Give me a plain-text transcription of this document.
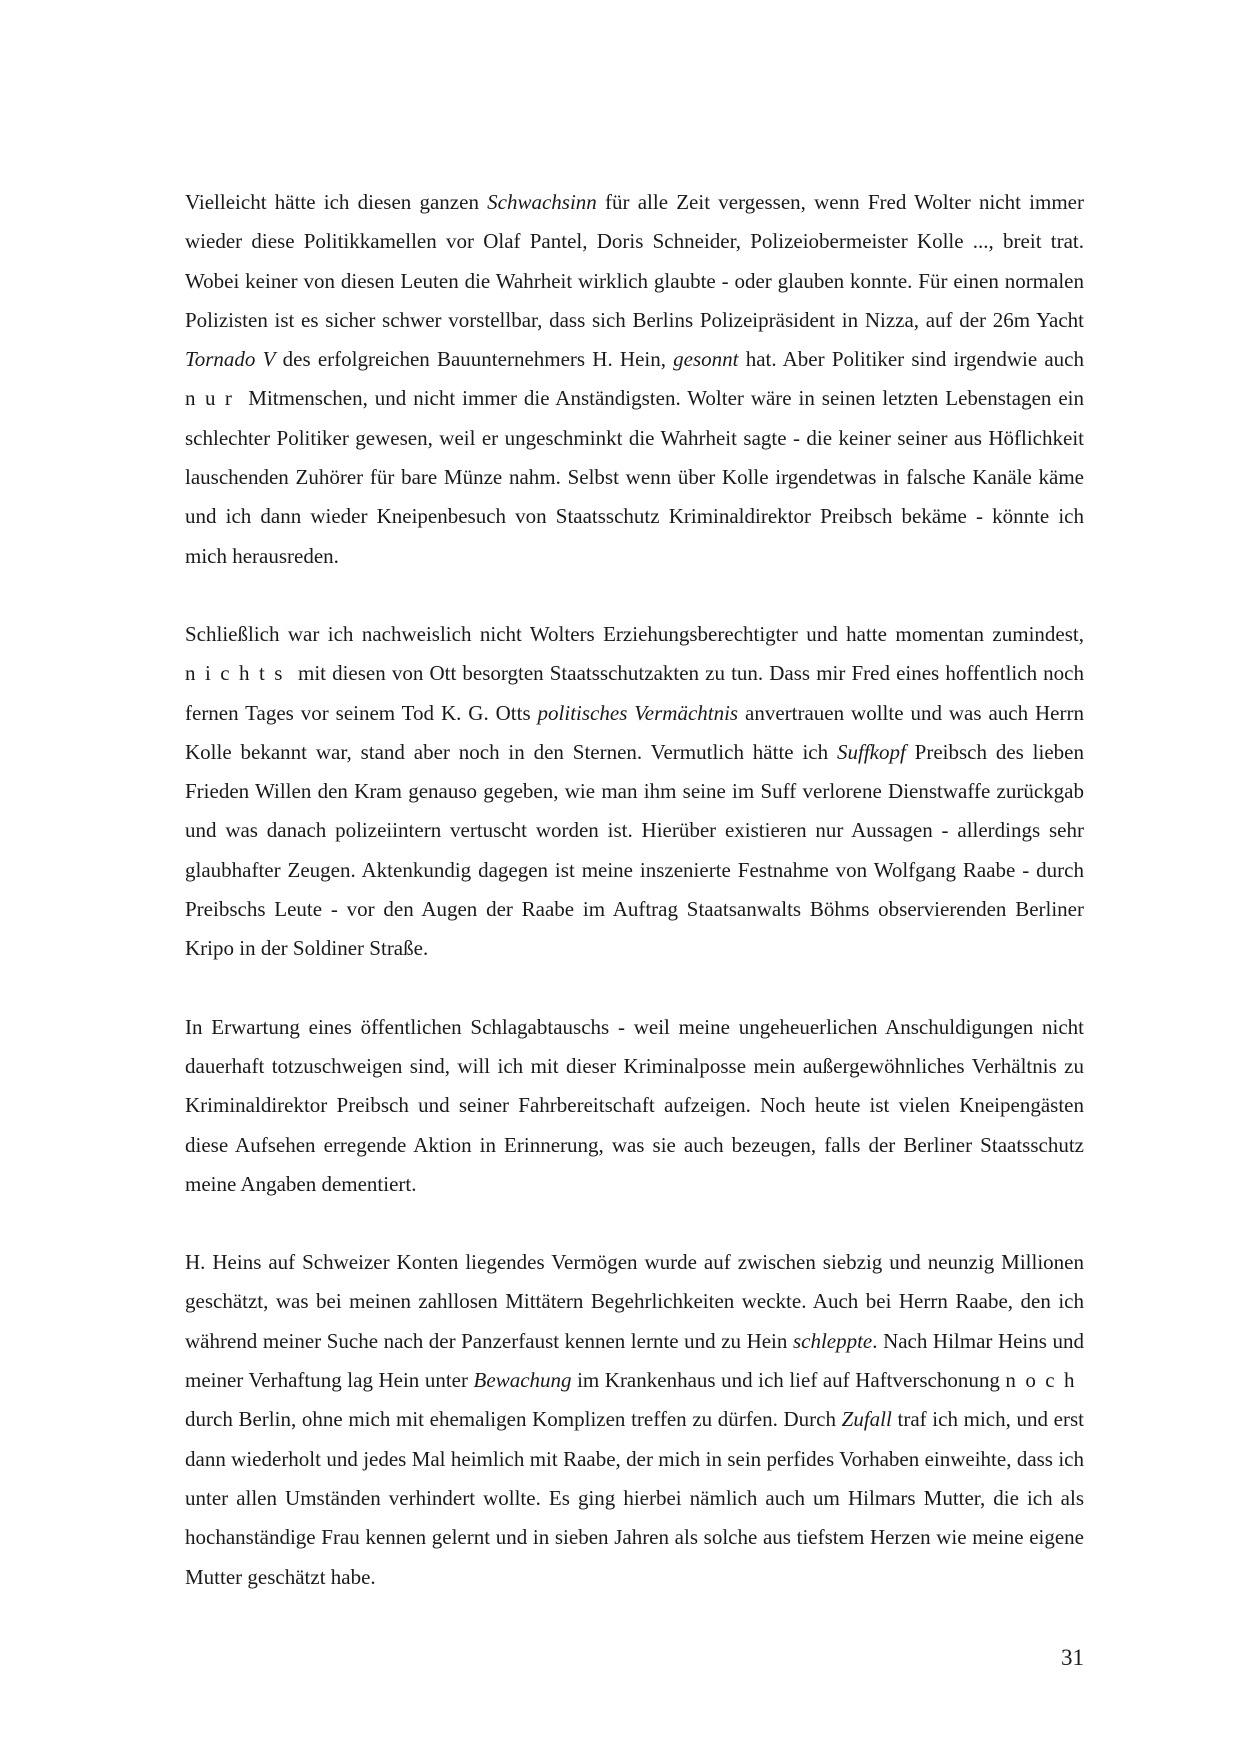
Vielleicht hätte ich diesen ganzen Schwachsinn für alle Zeit vergessen, wenn Fred Wolter nicht immer wieder diese Politikkamellen vor Olaf Pantel, Doris Schneider, Polizeiobermeister Kolle ..., breit trat. Wobei keiner von diesen Leuten die Wahrheit wirklich glaubte - oder glauben konnte. Für einen normalen Polizisten ist es sicher schwer vorstellbar, dass sich Berlins Polizeipräsident in Nizza, auf der 26m Yacht Tornado V des erfolgreichen Bauunternehmers H. Hein, gesonnt hat. Aber Politiker sind irgendwie auch nur Mitmenschen, und nicht immer die Anständigsten. Wolter wäre in seinen letzten Lebenstagen ein schlechter Politiker gewesen, weil er ungeschminkt die Wahrheit sagte - die keiner seiner aus Höflichkeit lauschenden Zuhörer für bare Münze nahm. Selbst wenn über Kolle irgendetwas in falsche Kanäle käme und ich dann wieder Kneipenbesuch von Staatsschutz Kriminaldirektor Preibsch bekäme - könnte ich mich herausreden.

Schließlich war ich nachweislich nicht Wolters Erziehungsberechtigter und hatte momentan zumindest, nichts mit diesen von Ott besorgten Staatsschutzakten zu tun. Dass mir Fred eines hoffentlich noch fernen Tages vor seinem Tod K. G. Otts politisches Vermächtnis anvertrauen wollte und was auch Herrn Kolle bekannt war, stand aber noch in den Sternen. Vermutlich hätte ich Suffkopf Preibsch des lieben Frieden Willen den Kram genauso gegeben, wie man ihm seine im Suff verlorene Dienstwaffe zurückgab und was danach polizeiintern vertuscht worden ist. Hierüber existieren nur Aussagen - allerdings sehr glaubhafter Zeugen. Aktenkundig dagegen ist meine inszenierte Festnahme von Wolfgang Raabe - durch Preibschs Leute - vor den Augen der Raabe im Auftrag Staatsanwalts Böhms observierenden Berliner Kripo in der Soldiner Straße.

In Erwartung eines öffentlichen Schlagabtauschs - weil meine ungeheuerlichen Anschuldigungen nicht dauerhaft totzuschweigen sind, will ich mit dieser Kriminalposse mein außergewöhnliches Verhältnis zu Kriminaldirektor Preibsch und seiner Fahrbereitschaft aufzeigen. Noch heute ist vielen Kneipengästen diese Aufsehen erregende Aktion in Erinnerung, was sie auch bezeugen, falls der Berliner Staatsschutz meine Angaben dementiert.

H. Heins auf Schweizer Konten liegendes Vermögen wurde auf zwischen siebzig und neunzig Millionen geschätzt, was bei meinen zahllosen Mittätern Begehrlichkeiten weckte. Auch bei Herrn Raabe, den ich während meiner Suche nach der Panzerfaust kennen lernte und zu Hein schleppte. Nach Hilmar Heins und meiner Verhaftung lag Hein unter Bewachung im Krankenhaus und ich lief auf Haftverschonung noch durch Berlin, ohne mich mit ehemaligen Komplizen treffen zu dürfen. Durch Zufall traf ich mich, und erst dann wiederholt und jedes Mal heimlich mit Raabe, der mich in sein perfides Vorhaben einweihte, dass ich unter allen Umständen verhindert wollte. Es ging hierbei nämlich auch um Hilmars Mutter, die ich als hochanständige Frau kennen gelernt und in sieben Jahren als solche aus tiefstem Herzen wie meine eigene Mutter geschätzt habe.

31
